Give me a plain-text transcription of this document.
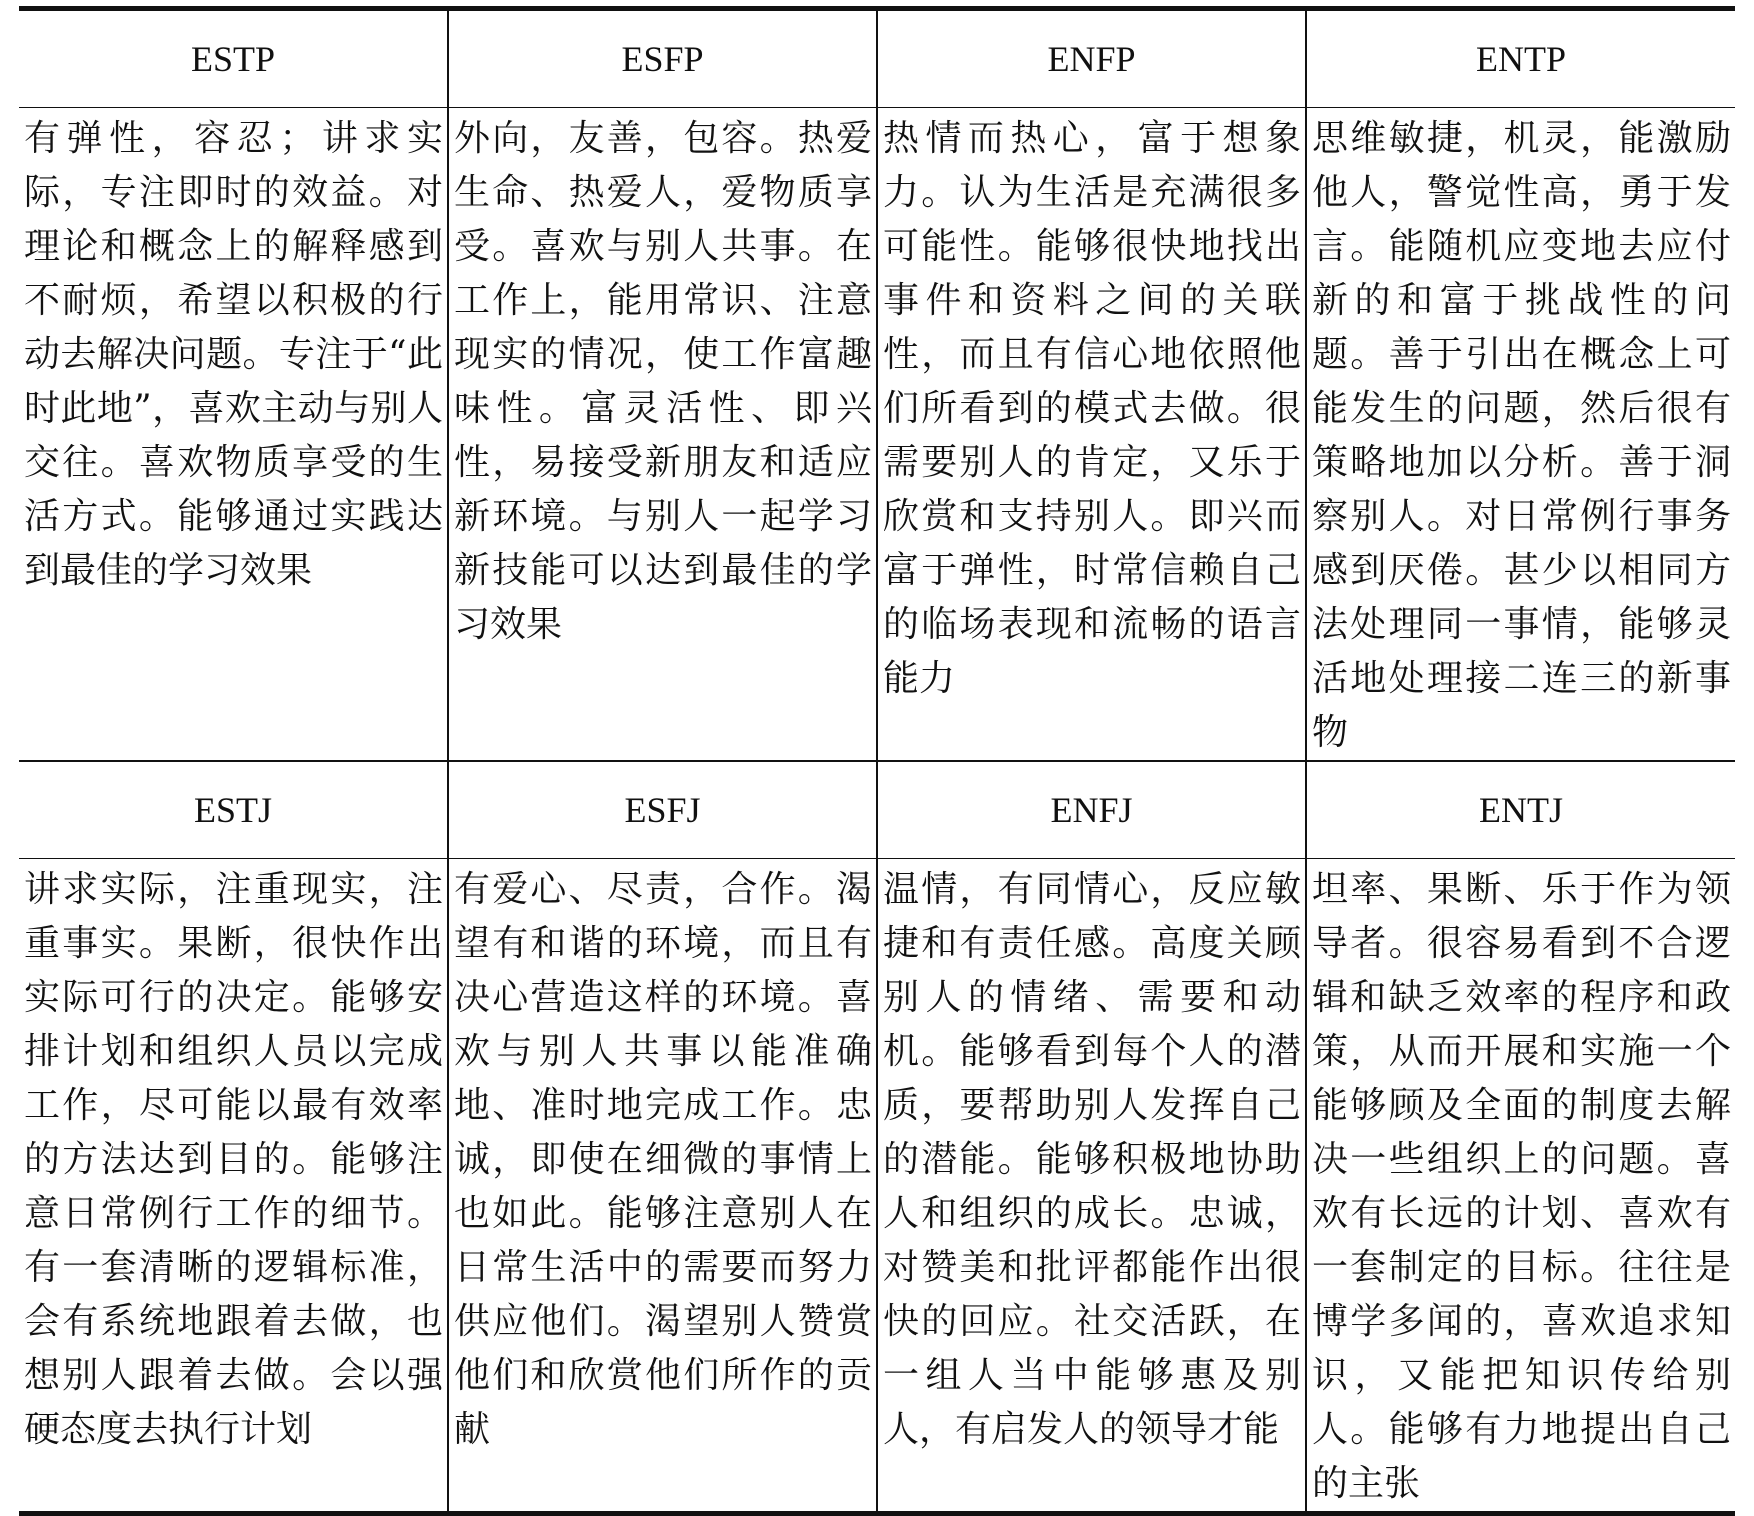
ESTP	ESFP	ENFP	ENTP
有弹性，容忍；讲求实际，专注即时的效益。对理论和概念上的解释感到不耐烦，希望以积极的行动去解决问题。专注于“此时此地”，喜欢主动与别人交往。喜欢物质享受的生活方式。能够通过实践达到最佳的学习效果	外向，友善，包容。热爱生命、热爱人，爱物质享受。喜欢与别人共事。在工作上，能用常识、注意现实的情况，使工作富趣味性。富灵活性、即兴性，易接受新朋友和适应新环境。与别人一起学习新技能可以达到最佳的学习效果	热情而热心，富于想象力。认为生活是充满很多可能性。能够很快地找出事件和资料之间的关联性，而且有信心地依照他们所看到的模式去做。很需要别人的肯定，又乐于欣赏和支持别人。即兴而富于弹性，时常信赖自己的临场表现和流畅的语言能力	思维敏捷，机灵，能激励他人，警觉性高，勇于发言。能随机应变地去应付新的和富于挑战性的问题。善于引出在概念上可能发生的问题，然后很有策略地加以分析。善于洞察别人。对日常例行事务感到厌倦。甚少以相同方法处理同一事情，能够灵活地处理接二连三的新事物
ESTJ	ESFJ	ENFJ	ENTJ
讲求实际，注重现实，注重事实。果断，很快作出实际可行的决定。能够安排计划和组织人员以完成工作，尽可能以最有效率的方法达到目的。能够注意日常例行工作的细节。有一套清晰的逻辑标准，会有系统地跟着去做，也想别人跟着去做。会以强硬态度去执行计划	有爱心、尽责，合作。渴望有和谐的环境，而且有决心营造这样的环境。喜欢与别人共事以能准确地、准时地完成工作。忠诚，即使在细微的事情上也如此。能够注意别人在日常生活中的需要而努力供应他们。渴望别人赞赏他们和欣赏他们所作的贡献	温情，有同情心，反应敏捷和有责任感。高度关顾别人的情绪、需要和动机。能够看到每个人的潜质，要帮助别人发挥自己的潜能。能够积极地协助人和组织的成长。忠诚，对赞美和批评都能作出很快的回应。社交活跃，在一组人当中能够惠及别人，有启发人的领导才能	坦率、果断、乐于作为领导者。很容易看到不合逻辑和缺乏效率的程序和政策，从而开展和实施一个能够顾及全面的制度去解决一些组织上的问题。喜欢有长远的计划、喜欢有一套制定的目标。往往是博学多闻的，喜欢追求知识，又能把知识传给别人。能够有力地提出自己的主张
